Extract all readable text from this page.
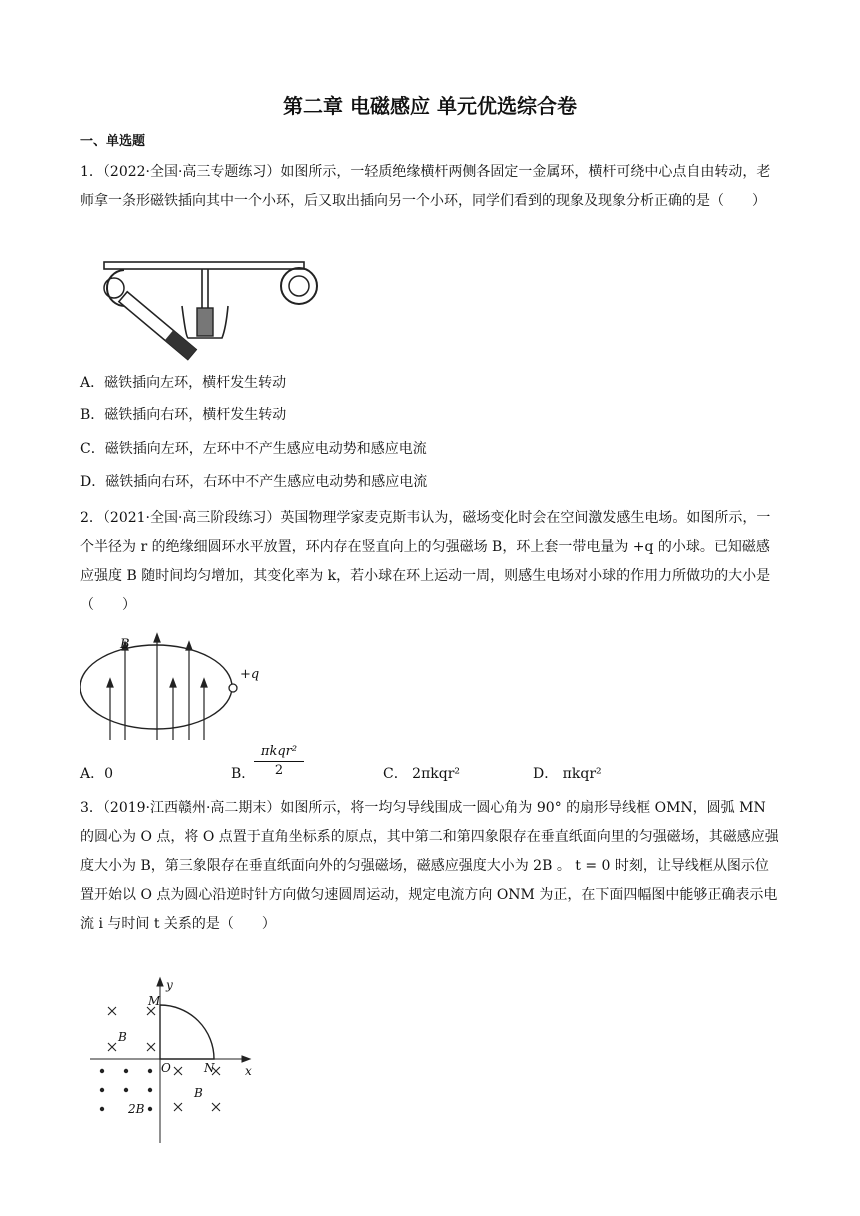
第二章 电磁感应 单元优选综合卷
一、单选题
1．（2022·全国·高三专题练习）如图所示，一轻质绝缘横杆两侧各固定一金属环，横杆可绕中心点自由转动，老师拿一条形磁铁插向其中一个小环，后又取出插向另一个小环，同学们看到的现象及现象分析正确的是（　　）
A．磁铁插向左环，横杆发生转动
B．磁铁插向右环，横杆发生转动
C．磁铁插向左环，左环中不产生感应电动势和感应电流
D．磁铁插向右环，右环中不产生感应电动势和感应电流
2．（2021·全国·高三阶段练习）英国物理学家麦克斯韦认为，磁场变化时会在空间激发感生电场。如图所示，一个半径为 r 的绝缘细圆环水平放置，环内存在竖直向上的匀强磁场 B，环上套一带电量为 +q 的小球。已知磁感应强度 B 随时间均匀增加，其变化率为 k，若小球在环上运动一周，则感生电场对小球的作用力所做功的大小是（　　）
B
+q
A．0	B．
πkqr²
2	C． 2πkqr²	D． πkqr²
3．（2019·江西赣州·高二期末）如图所示，将一均匀导线围成一圆心角为 90° 的扇形导线框 OMN，圆弧 MN 的圆心为 O 点，将 O 点置于直角坐标系的原点，其中第二和第四象限存在垂直纸面向里的匀强磁场，其磁感应强度大小为 B，第三象限存在垂直纸面向外的匀强磁场，磁感应强度大小为 2B 。 t = 0 时刻，让导线框从图示位置开始以 O 点为圆心沿逆时针方向做匀速圆周运动，规定电流方向 ONM 为正，在下面四幅图中能够正确表示电流 i 与时间 t 关系的是（　　）
y
x
M
O	N
B
B
2B
